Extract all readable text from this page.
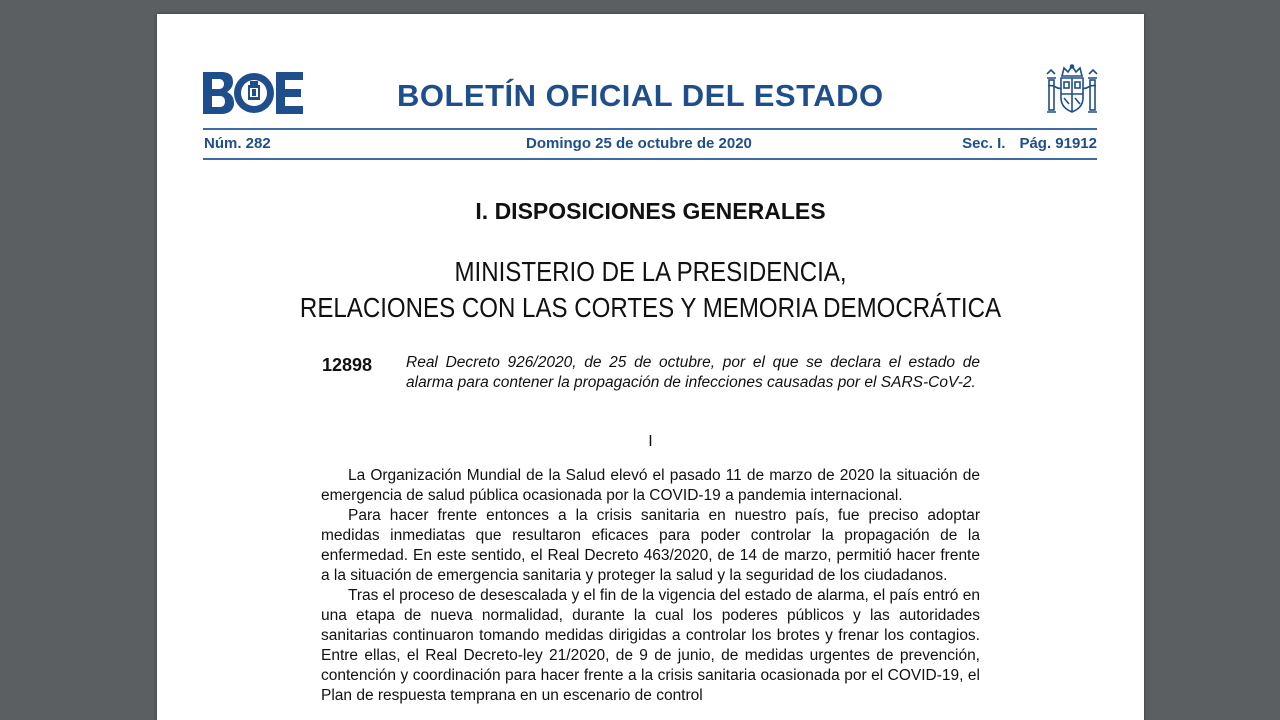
BOLETÍN OFICIAL DEL ESTADO
Núm. 282	Domingo 25 de octubre de 2020	Sec. I. Pág. 91912
I. DISPOSICIONES GENERALES
MINISTERIO DE LA PRESIDENCIA,
RELACIONES CON LAS CORTES Y MEMORIA DEMOCRÁTICA
12898 Real Decreto 926/2020, de 25 de octubre, por el que se declara el estado de alarma para contener la propagación de infecciones causadas por el SARS-CoV-2.
I

La Organización Mundial de la Salud elevó el pasado 11 de marzo de 2020 la situación de emergencia de salud pública ocasionada por la COVID-19 a pandemia internacional.

Para hacer frente entonces a la crisis sanitaria en nuestro país, fue preciso adoptar medidas inmediatas que resultaron eficaces para poder controlar la propagación de la enfermedad. En este sentido, el Real Decreto 463/2020, de 14 de marzo, permitió hacer frente a la situación de emergencia sanitaria y proteger la salud y la seguridad de los ciudadanos.

Tras el proceso de desescalada y el fin de la vigencia del estado de alarma, el país entró en una etapa de nueva normalidad, durante la cual los poderes públicos y las autoridades sanitarias continuaron tomando medidas dirigidas a controlar los brotes y frenar los contagios. Entre ellas, el Real Decreto-ley 21/2020, de 9 de junio, de medidas urgentes de prevención, contención y coordinación para hacer frente a la crisis sanitaria ocasionada por el COVID-19, el Plan de respuesta temprana en un escenario de control
